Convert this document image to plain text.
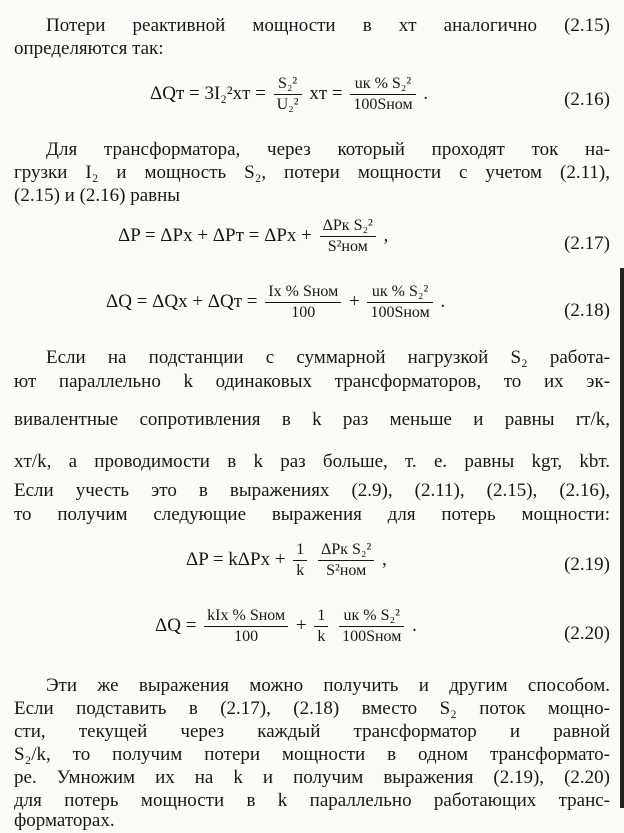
Потери реактивной мощности в xт аналогично (2.15)
определяются так:
$\Delta Qт = 3I_2^2xт = \frac{\text{S₂²}}{\text{U₂²}}$ xт = $\frac{\text{uк \% S₂²}}{\text{100Sном}}$ .	(2.16)
Для трансформатора, через который проходят ток на-
грузки I₂ и мощность S₂, потери мощности с учетом (2.11),
(2.15) и (2.16) равны
$\Delta P = \Delta Pх + \Delta Pт = \Delta Pх + \frac{\text{ΔPк S₂²}}{\text{S²ном}}$ ,	(2.17)
$\Delta Q = \Delta Qх + \Delta Qт = \frac{\text{Iх \% Sном}}{100} + \frac{\text{uк \% S₂²}}{\text{100Sном}}$ .	(2.18)
Если на подстанции с суммарной нагрузкой S₂ работа-
ют параллельно k одинаковых трансформаторов, то их эк-
вивалентные сопротивления в k раз меньше и равны rт/k,
xт/k, а проводимости в k раз больше, т. е. равны kgт, kbт.
Если учесть это в выражениях (2.9), (2.11), (2.15), (2.16),
то получим следующие выражения для потерь мощности:
$\Delta P = k\Delta Pх + \frac{1}{k}$
$\frac{\text{ΔPк S₂²}}{\text{S²ном}}$ ,	(2.19)
$\Delta Q = \frac{\text{kIх \% Sном}}{100} + \frac{1}{k}$
$\frac{\text{uк \% S₂²}}{\text{100Sном}}$ .	(2.20)
Эти же выражения можно получить и другим способом.
Если подставить в (2.17), (2.18) вместо S₂ поток мощно-
сти, текущей через каждый трансформатор и равной
S₂/k, то получим потери мощности в одном трансформато-
ре. Умножим их на k и получим выражения (2.19), (2.20)
для потерь мощности в k параллельно работающих транс-
форматорах.
